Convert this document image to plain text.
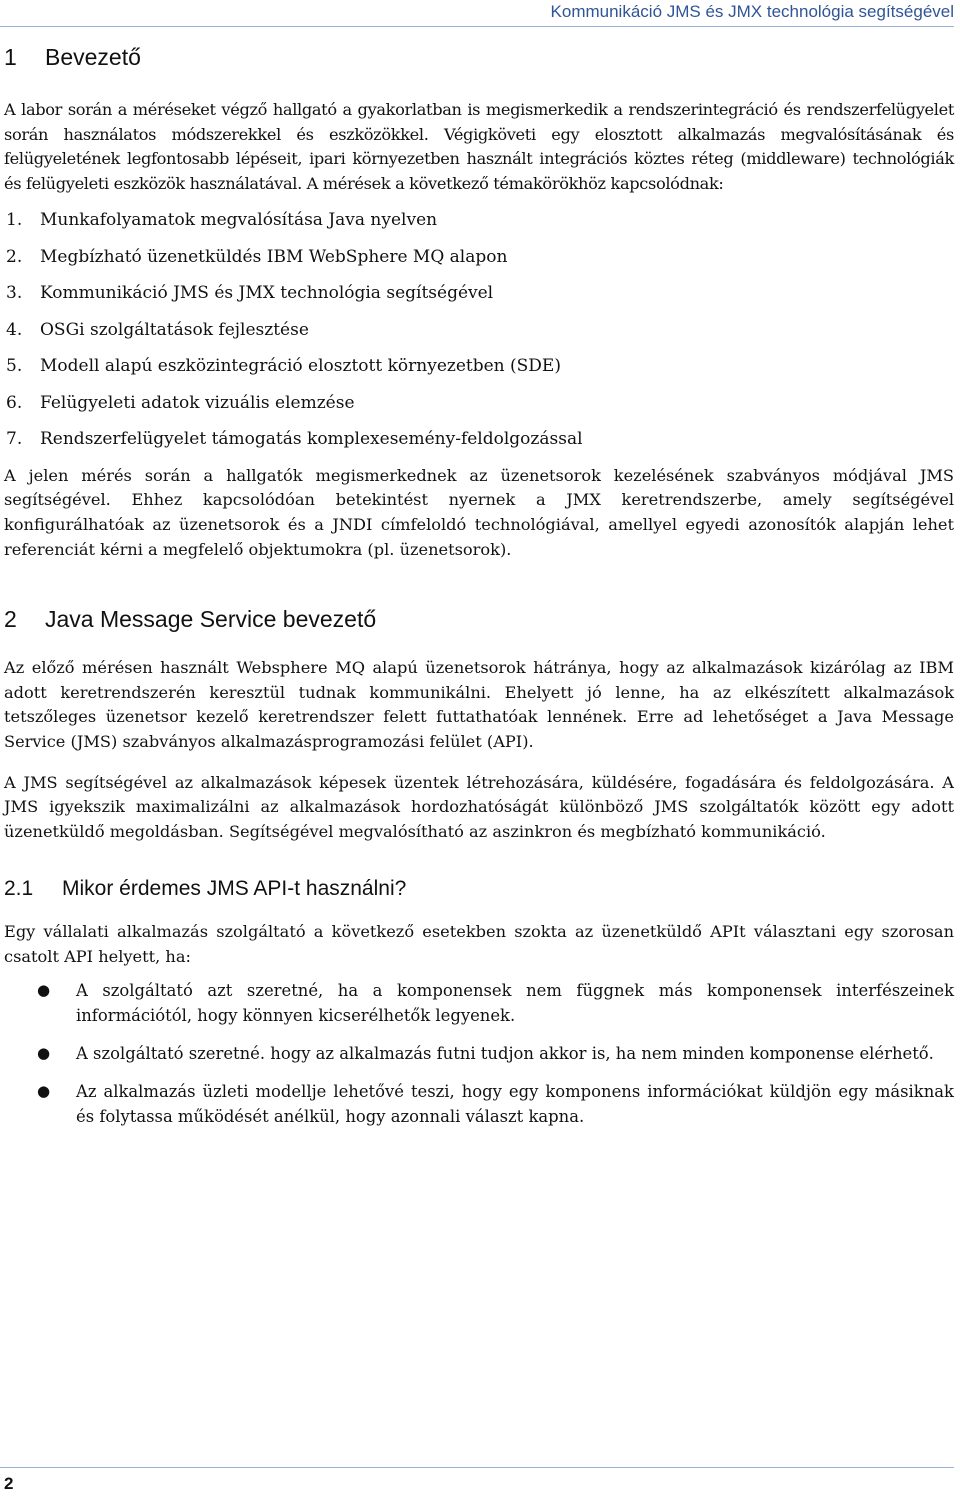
Kommunikáció JMS és JMX technológia segítségével
1 Bevezető

A labor során a méréseket végző hallgató a gyakorlatban is megismerkedik a rendszerintegráció és rendszerfelügyelet során használatos módszerekkel és eszközökkel. Végigköveti egy elosztott alkalmazás megvalósításának és felügyeletének legfontosabb lépéseit, ipari környezetben használt integrációs köztes réteg (middleware) technológiák és felügyeleti eszközök használatával. A mérések a következő témakörökhöz kapcsolódnak:

1. Munkafolyamatok megvalósítása Java nyelven
2. Megbízható üzenetküldés IBM WebSphere MQ alapon
3. Kommunikáció JMS és JMX technológia segítségével
4. OSGi szolgáltatások fejlesztése
5. Modell alapú eszközintegráció elosztott környezetben (SDE)
6. Felügyeleti adatok vizuális elemzése
7. Rendszerfelügyelet támogatás komplexesemény-feldolgozással

A jelen mérés során a hallgatók megismerkednek az üzenetsorok kezelésének szabványos módjával JMS segítségével. Ehhez kapcsolódóan betekintést nyernek a JMX keretrendszerbe, amely segítségével konfigurálhatóak az üzenetsorok és a JNDI címfeloldó technológiával, amellyel egyedi azonosítók alapján lehet referenciát kérni a megfelelő objektumokra (pl. üzenetsorok).

2 Java Message Service bevezető

Az előző mérésen használt Websphere MQ alapú üzenetsorok hátránya, hogy az alkalmazások kizárólag az IBM adott keretrendszerén keresztül tudnak kommunikálni. Ehelyett jó lenne, ha az elkészített alkalmazások tetszőleges üzenetsor kezelő keretrendszer felett futtathatóak lennének. Erre ad lehetőséget a Java Message Service (JMS) szabványos alkalmazásprogramozási felület (API).

A JMS segítségével az alkalmazások képesek üzentek létrehozására, küldésére, fogadására és feldolgozására. A JMS igyekszik maximalizálni az alkalmazások hordozhatóságát különböző JMS szolgáltatók között egy adott üzenetküldő megoldásban. Segítségével megvalósítható az aszinkron és megbízható kommunikáció.

2.1 Mikor érdemes JMS API-t használni?

Egy vállalati alkalmazás szolgáltató a következő esetekben szokta az üzenetküldő APIt választani egy szorosan csatolt API helyett, ha:

● A szolgáltató azt szeretné, ha a komponensek nem függnek más komponensek interfészeinek információtól, hogy könnyen kicserélhetők legyenek.
● A szolgáltató szeretné. hogy az alkalmazás futni tudjon akkor is, ha nem minden komponense elérhető.
● Az alkalmazás üzleti modellje lehetővé teszi, hogy egy komponens információkat küldjön egy másiknak és folytassa működését anélkül, hogy azonnali választ kapna.
2
